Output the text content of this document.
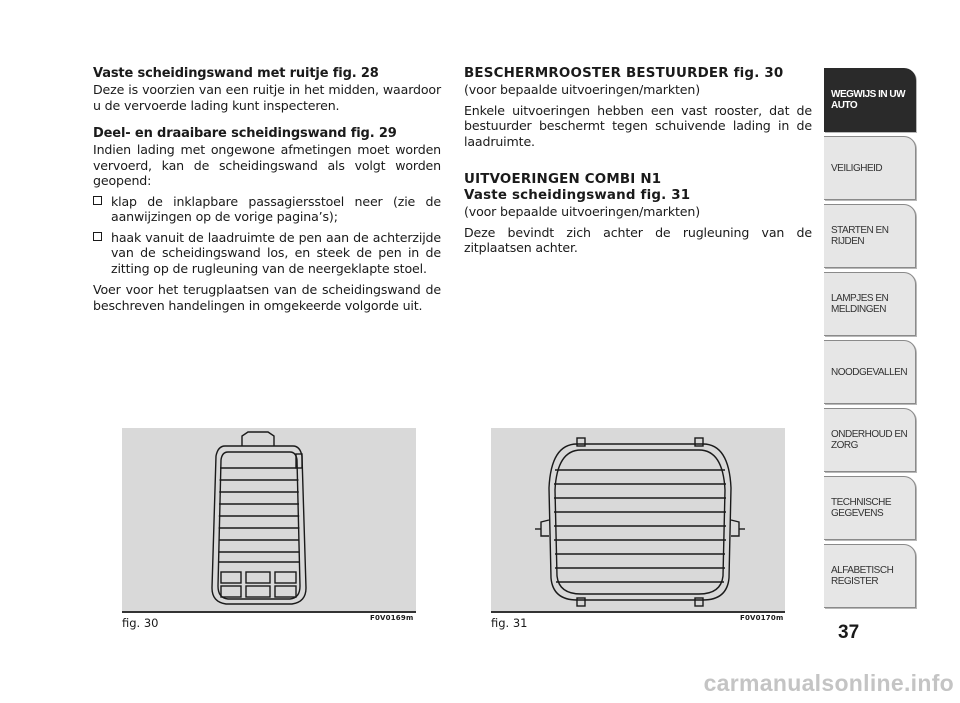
Vaste scheidingswand met ruitje fig. 28

Deze is voorzien van een ruitje in het midden, waardoor u de vervoerde lading kunt inspecteren.

Deel- en draaibare scheidingswand fig. 29

Indien lading met ongewone afmetingen moet worden vervoerd, kan de scheidingswand als volgt worden geopend:

klap de inklapbare passagiersstoel neer (zie de aanwijzingen op de vorige pagina’s);
haak vanuit de laadruimte de pen aan de achterzijde van de scheidingswand los, en steek de pen in de zitting op de rugleuning van de neergeklapte stoel.

Voer voor het terugplaatsen van de scheidingswand de beschreven handelingen in omgekeerde volgorde uit.

BESCHERMROOSTER BESTUURDER fig. 30

(voor bepaalde uitvoeringen/markten)

Enkele uitvoeringen hebben een vast rooster, dat de bestuurder beschermt tegen schuivende lading in de laadruimte.

UITVOERINGEN COMBI N1
Vaste scheidingswand fig. 31

(voor bepaalde uitvoeringen/markten)

Deze bevindt zich achter de rugleuning van de zitplaatsen achter.

fig. 30	F0V0169m	fig. 31	F0V0170m
WEGWIJS IN UW AUTO
VEILIGHEID
STARTEN EN RIJDEN
LAMPJES EN MELDINGEN
NOODGEVALLEN
ONDERHOUD EN ZORG
TECHNISCHE GEGEVENS
ALFABETISCH REGISTER
37
carmanualsonline.info
